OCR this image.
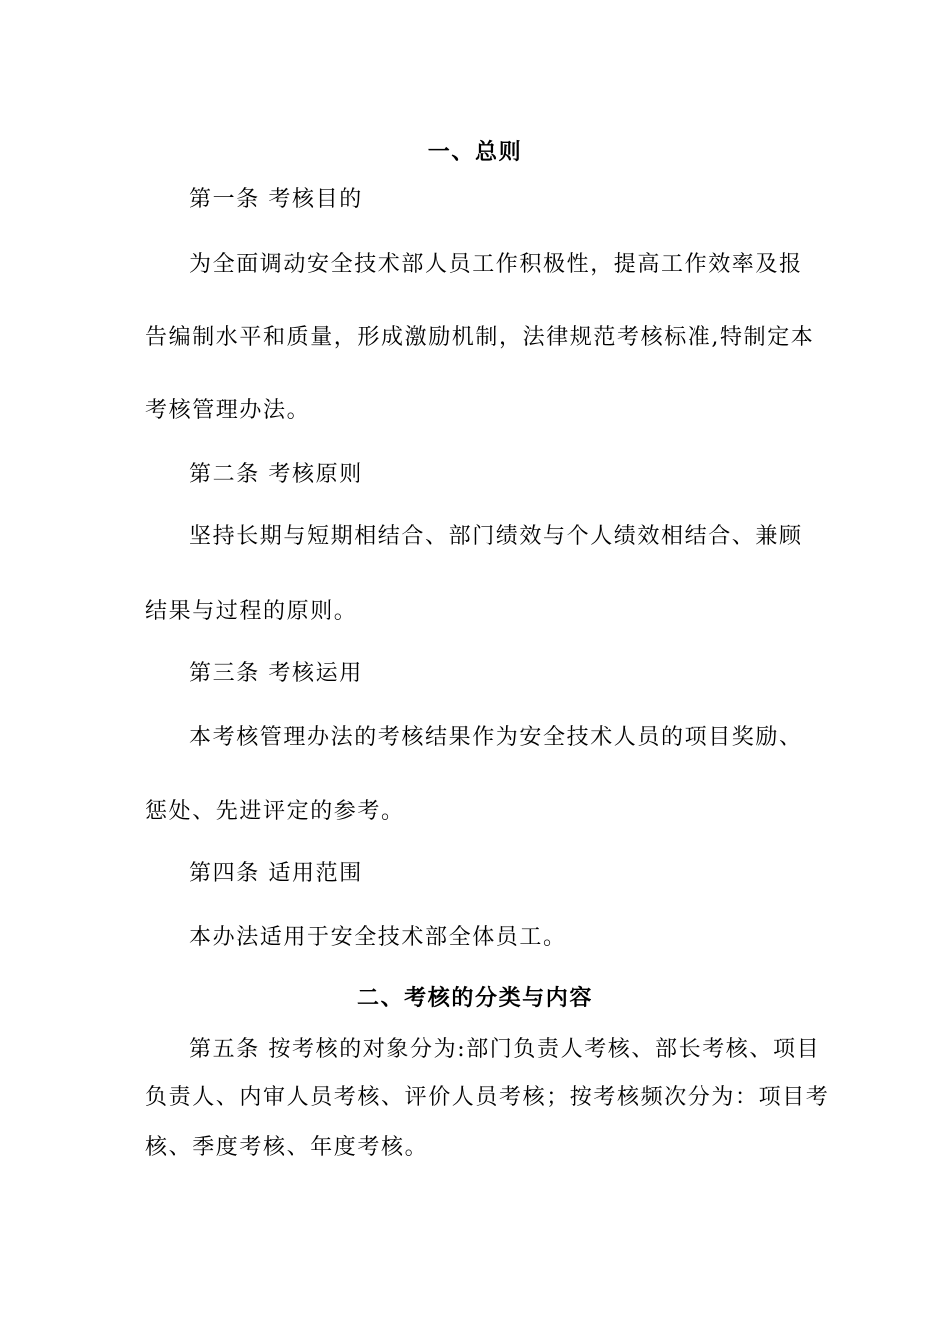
一、总则
第一条 考核目的
为全面调动安全技术部人员工作积极性，提高工作效率及报
告编制水平和质量，形成激励机制，法律规范考核标准,特制定本
考核管理办法。
第二条 考核原则
坚持长期与短期相结合、部门绩效与个人绩效相结合、兼顾
结果与过程的原则。
第三条 考核运用
本考核管理办法的考核结果作为安全技术人员的项目奖励、
惩处、先进评定的参考。
第四条 适用范围
本办法适用于安全技术部全体员工。
二、考核的分类与内容
第五条 按考核的对象分为:部门负责人考核、部长考核、项目
负责人、内审人员考核、评价人员考核；按考核频次分为：项目考
核、季度考核、年度考核。
